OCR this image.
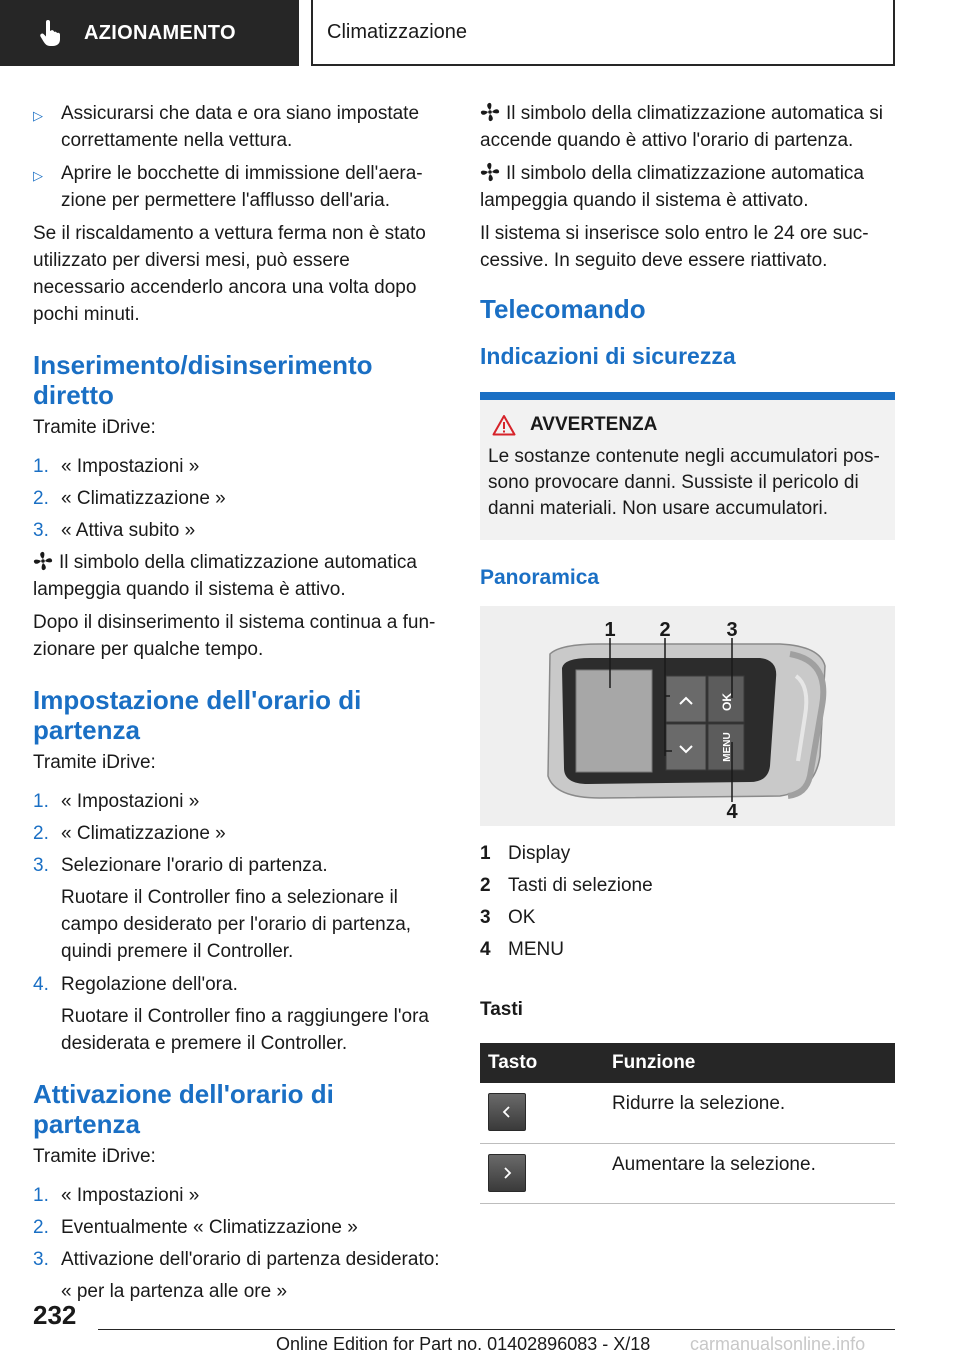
AZIONAMENTO	Climatizzazione
▷ Assicurarsi che data e ora siano impostate correttamente nella vettura.
▷ Aprire le bocchette di immissione dell'aera-zione per permettere l'afflusso dell'aria.

Se il riscaldamento a vettura ferma non è stato utilizzato per diversi mesi, può essere necessario accenderlo ancora una volta dopo pochi minuti.

Inserimento/disinserimento diretto

Tramite iDrive:

1. « Impostazioni »
2. « Climatizzazione »
3. « Attiva subito »

Il simbolo della climatizzazione automatica lampeggia quando il sistema è attivo.

Dopo il disinserimento il sistema continua a fun-zionare per qualche tempo.

Impostazione dell'orario di partenza

Tramite iDrive:

1. « Impostazioni »
2. « Climatizzazione »
3. Selezionare l'orario di partenza.
Ruotare il Controller fino a selezionare il campo desiderato per l'orario di partenza, quindi premere il Controller.
4. Regolazione dell'ora.
Ruotare il Controller fino a raggiungere l'ora desiderata e premere il Controller.
Attivazione dell'orario di partenza

Tramite iDrive:

1. « Impostazioni »
2. Eventualmente « Climatizzazione »
3. Attivazione dell'orario di partenza desiderato:
« per la partenza alle ore »

Il simbolo della climatizzazione automatica si accende quando è attivo l'orario di partenza.

Il simbolo della climatizzazione automatica lampeggia quando il sistema è attivato.

Il sistema si inserisce solo entro le 24 ore suc-cessive. In seguito deve essere riattivato.

Telecomando
Indicazioni di sicurezza
AVVERTENZA

Le sostanze contenute negli accumulatori pos-sono provocare danni. Sussiste il pericolo di danni materiali. Non usare accumulatori.

Panoramica
OK
MENU
1 2	3
4
1 Display
2 Tasti di selezione
3 OK
4 MENU
Tasti
Tasto	Funzione

	Ridurre la selezione.

	Aumentare la selezione.
232
Online Edition for Part no. 01402896083 - X/18 carmanualsonline.info
